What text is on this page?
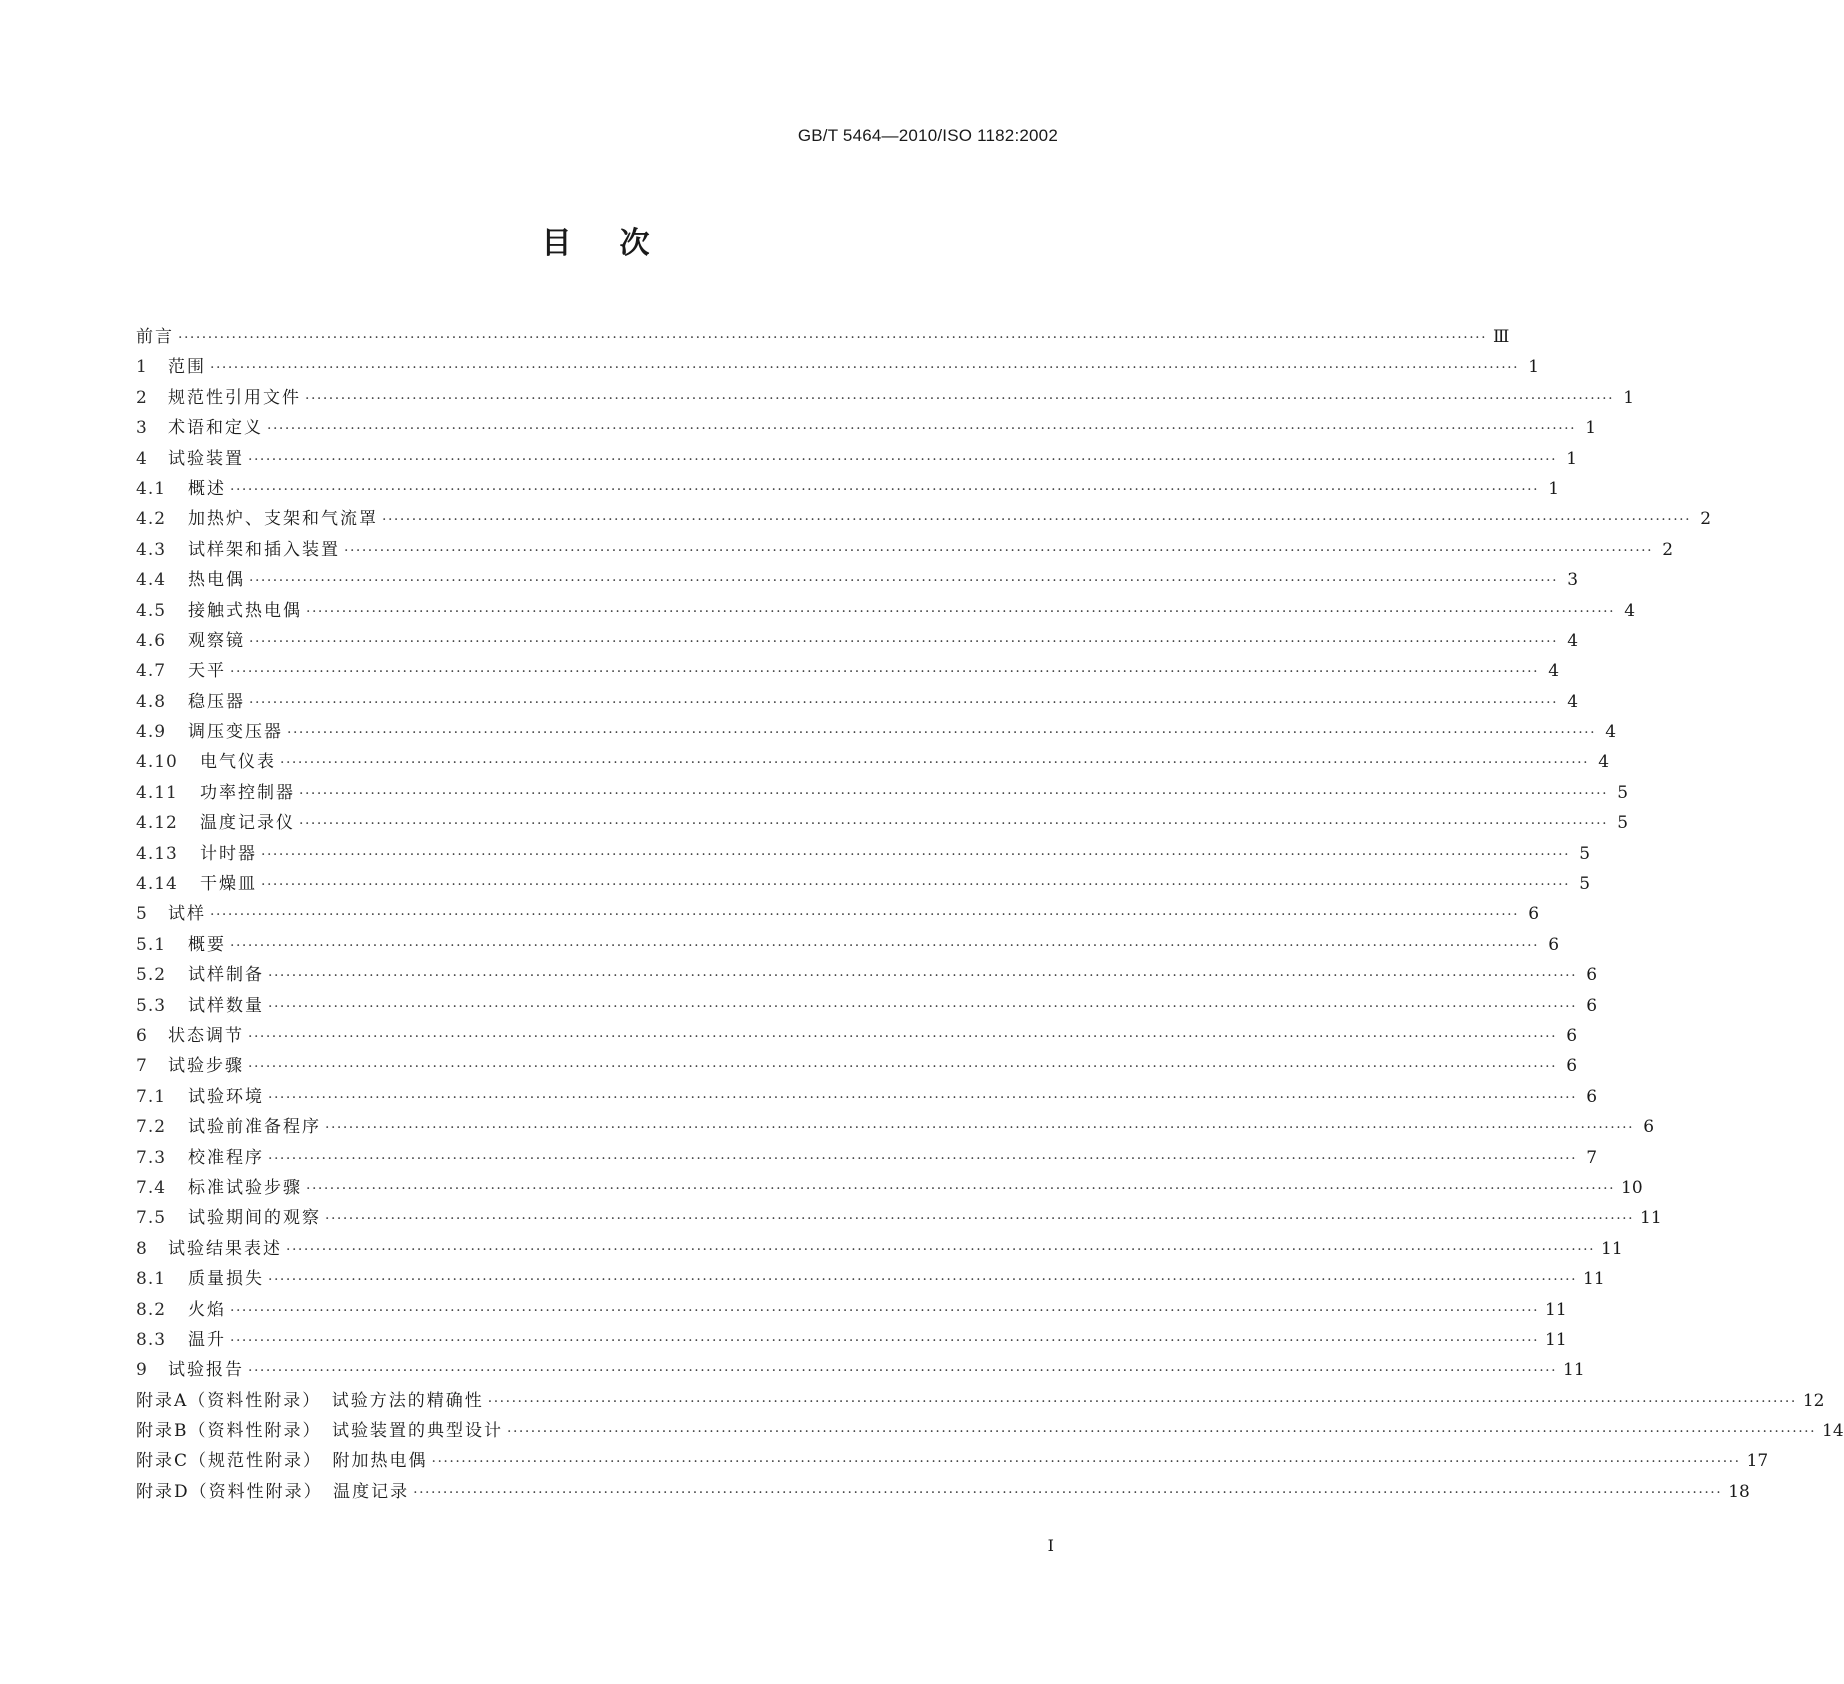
GB/T 5464—2010/ISO 1182:2002
目次
前言 ···························································································································································································································· Ⅲ
1	范围 ···························································································································································································································· 1
2	规范性引用文件 ···························································································································································································································· 1
3	术语和定义 ···························································································································································································································· 1
4	试验装置 ···························································································································································································································· 1
4.1	概述 ···························································································································································································································· 1
4.2	加热炉、支架和气流罩 ···························································································································································································································· 2
4.3	试样架和插入装置 ···························································································································································································································· 2
4.4	热电偶 ···························································································································································································································· 3
4.5	接触式热电偶 ···························································································································································································································· 4
4.6	观察镜 ···························································································································································································································· 4
4.7	天平 ···························································································································································································································· 4
4.8	稳压器 ···························································································································································································································· 4
4.9	调压变压器 ···························································································································································································································· 4
4.10	电气仪表 ···························································································································································································································· 4
4.11	功率控制器 ···························································································································································································································· 5
4.12	温度记录仪 ···························································································································································································································· 5
4.13	计时器 ···························································································································································································································· 5
4.14	干燥皿 ···························································································································································································································· 5
5	试样 ···························································································································································································································· 6
5.1	概要 ···························································································································································································································· 6
5.2	试样制备 ···························································································································································································································· 6
5.3	试样数量 ···························································································································································································································· 6
6	状态调节 ···························································································································································································································· 6
7	试验步骤 ···························································································································································································································· 6
7.1	试验环境 ···························································································································································································································· 6
7.2	试验前准备程序 ···························································································································································································································· 6
7.3	校准程序 ···························································································································································································································· 7
7.4	标准试验步骤 ···························································································································································································································· 10
7.5	试验期间的观察 ···························································································································································································································· 11
8	试验结果表述 ···························································································································································································································· 11
8.1	质量损失 ···························································································································································································································· 11
8.2	火焰 ···························································································································································································································· 11
8.3	温升 ···························································································································································································································· 11
9	试验报告 ···························································································································································································································· 11
附录A（资料性附录）　试验方法的精确性 ···························································································································································································································· 12
附录B（资料性附录）　试验装置的典型设计 ···························································································································································································································· 14
附录C（规范性附录）　附加热电偶 ···························································································································································································································· 17
附录D（资料性附录）　温度记录 ···························································································································································································································· 18
I
